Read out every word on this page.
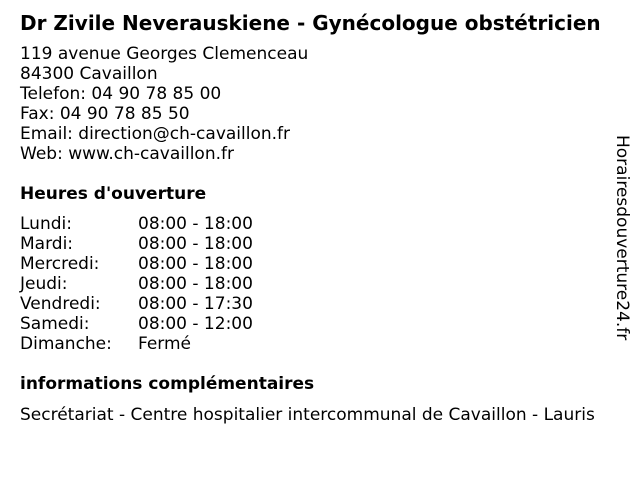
Dr Zivile Neverauskiene - Gynécologue obstétricien
119 avenue Georges Clemenceau
84300 Cavaillon
Telefon: 04 90 78 85 00
Fax: 04 90 78 85 50
Email: direction@ch-cavaillon.fr
Web: www.ch-cavaillon.fr
Heures d'ouverture
Lundi:	08:00 - 18:00
Mardi:	08:00 - 18:00
Mercredi:	08:00 - 18:00
Jeudi:	08:00 - 18:00
Vendredi:	08:00 - 17:30
Samedi:	08:00 - 12:00
Dimanche:	Fermé
informations complémentaires
Secrétariat - Centre hospitalier intercommunal de Cavaillon - Lauris
Horairesdouverture24.fr
